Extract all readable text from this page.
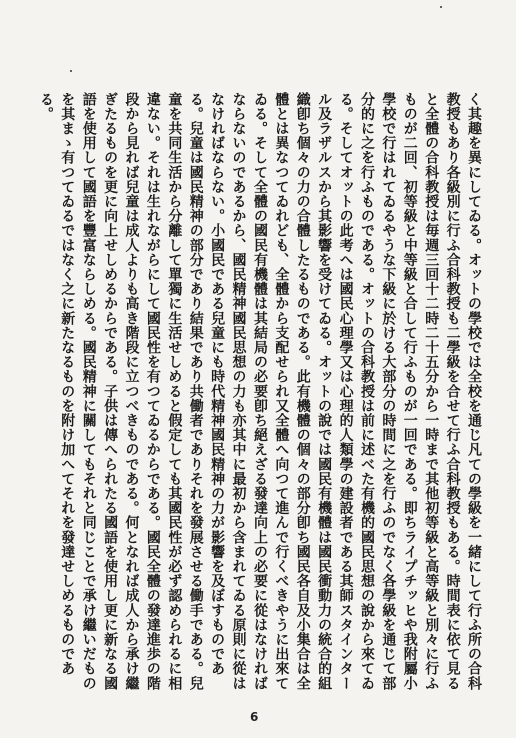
く其趣を異にしてゐる。オットの學校では全校を通じ凡ての學級を一緒にして行ふ所の合科教授もあり各級別に行ふ合科教授も二學級を合せて行ふ合科教授もある。時間表に依て見ると全體の合科教授は毎週三回十二時二十五分から一時まで其他初等級と高等級と別々に行ふものが二回、初等級と中等級と合して行ふものが一回である。即ちライプチッヒや我附屬小學校で行はれてゐるやうな下級に於ける大部分の時間に之を行ふのでなく各學級を通じて部分的に之を行ふものである。オットの合科教授は前に述べた有機的國民思想の說から來てゐる。そしてオットの此考へは國民心理學又は心理的人類學の建設者である其師スタインタール及ラザルスから其影響を受けてゐる。オットの說では國民有機體は國民衝動力の統合的組織卽ち個々の力の合體したるものである。此有機體の個々の部分卽ち國民各自及小集合は全體とは異なつてゐれども、全體から支配せられ又全體へ向つて進んで行くべきやうに出來てゐる。そして全體の國民有機體は其結局の必要卽ち絕えざる發達向上の必要に從はなければならないのであるから、國民精神國民思想の力も亦其中に最初から含まれてゐる原則に從はなければならない。小國民である兒童にも時代精神國民精神の力が影響を及ぼすものである。兒童は國民精神の部分であり結果であり共働者でありそれを發展させる働手である。兒童を共同生活から分離して單獨に生活せしめると假定しても其國民性が必ず認められるに相違ない。それは生れながらにして國民性を有つてゐるからである。國民全體の發達進歩の階段から見れば兒童は成人よりも高き階段に立つべきものである。何となれば成人から承け繼ぎたるものを更に向上せしめるからである。子供は傳へられたる國語を使用し更に新なる國語を使用して國語を豐富ならしめる。國民精神に關してもそれと同じことで承け繼いだものを其まゝ有つてゐるではなく之に新たなるものを附け加へてそれを發達せしめるものである。

6
